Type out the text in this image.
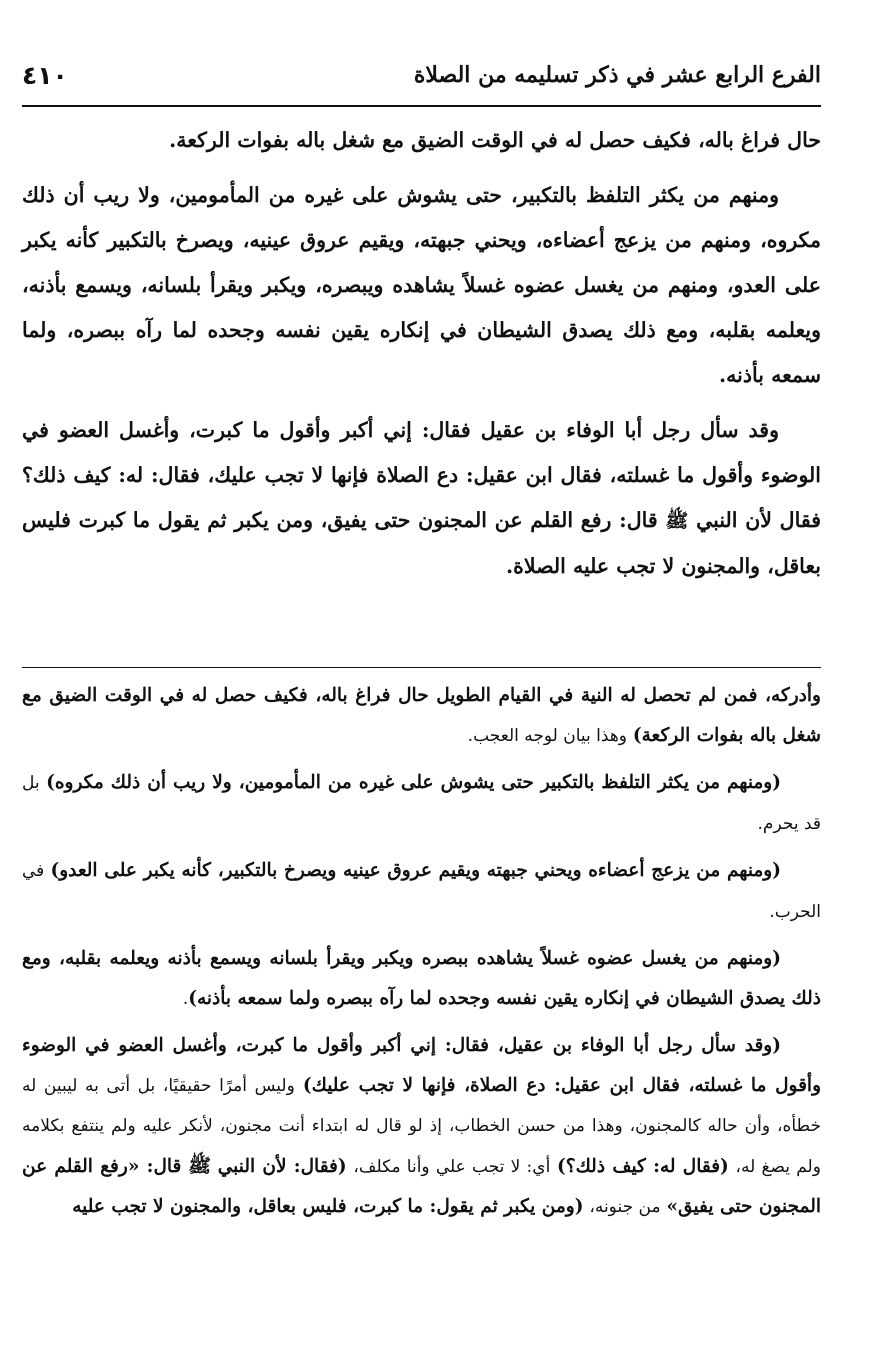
٤١٠	الفرع الرابع عشر في ذكر تسليمه من الصلاة

حال فراغ باله، فكيف حصل له في الوقت الضيق مع شغل باله بفوات الركعة.

ومنهم من يكثر التلفظ بالتكبير، حتى يشوش على غيره من المأمومين، ولا ريب أن ذلك مكروه، ومنهم من يزعج أعضاءه، ويحني جبهته، ويقيم عروق عينيه، ويصرخ بالتكبير كأنه يكبر على العدو، ومنهم من يغسل عضوه غسلاً يشاهده ويبصره، ويكبر ويقرأ بلسانه، ويسمع بأذنه، ويعلمه بقلبه، ومع ذلك يصدق الشيطان في إنكاره يقين نفسه وجحده لما رآه ببصره، ولما سمعه بأذنه.

وقد سأل رجل أبا الوفاء بن عقيل فقال: إني أكبر وأقول ما كبرت، وأغسل العضو في الوضوء وأقول ما غسلته، فقال ابن عقيل: دع الصلاة فإنها لا تجب عليك، فقال: له: كيف ذلك؟ فقال لأن النبي ﷺ قال: رفع القلم عن المجنون حتى يفيق، ومن يكبر ثم يقول ما كبرت فليس بعاقل، والمجنون لا تجب عليه الصلاة.

وأدركه، فمن لم تحصل له النية في القيام الطويل حال فراغ باله، فكيف حصل له في الوقت الضيق مع شغل باله بفوات الركعة) وهذا بيان لوجه العجب.

(ومنهم من يكثر التلفظ بالتكبير حتى يشوش على غيره من المأمومين، ولا ريب أن ذلك مكروه) بل قد يحرم.

(ومنهم من يزعج أعضاءه ويحني جبهته ويقيم عروق عينيه ويصرخ بالتكبير، كأنه يكبر على العدو) في الحرب.

(ومنهم من يغسل عضوه غسلاً يشاهده ببصره ويكبر ويقرأ بلسانه ويسمع بأذنه ويعلمه بقلبه، ومع ذلك يصدق الشيطان في إنكاره يقين نفسه وجحده لما رآه ببصره ولما سمعه بأذنه).

(وقد سأل رجل أبا الوفاء بن عقيل، فقال: إني أكبر وأقول ما كبرت، وأغسل العضو في الوضوء وأقول ما غسلته، فقال ابن عقيل: دع الصلاة، فإنها لا تجب عليك) وليس أمرًا حقيقيًا، بل أتى به ليبين له خطأه، وأن حاله كالمجنون، وهذا من حسن الخطاب، إذ لو قال له ابتداء أنت مجنون، لأنكر عليه ولم ينتفع بكلامه ولم يصغ له، (فقال له: كيف ذلك؟) أي: لا تجب علي وأنا مكلف، (فقال: لأن النبي ﷺ قال: «رفع القلم عن المجنون حتى يفيق» من جنونه، (ومن يكبر ثم يقول: ما كبرت، فليس بعاقل، والمجنون لا تجب عليه
